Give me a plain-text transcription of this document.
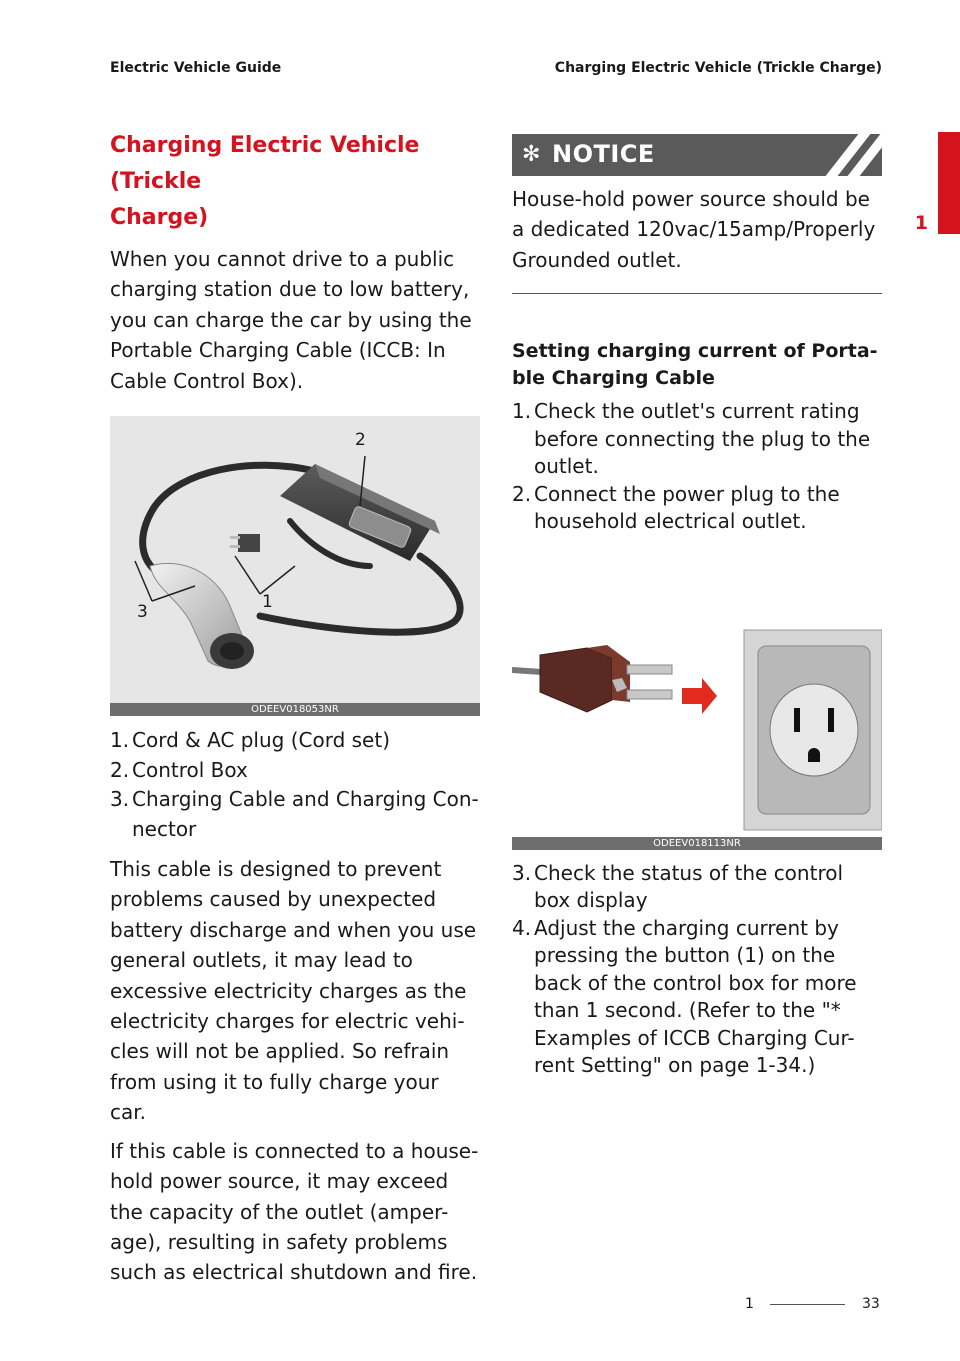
Electric Vehicle Guide	Charging Electric Vehicle (Trickle Charge)
1
Charging Electric Vehicle (Trickle
Charge)

When you cannot drive to a public charging station due to low battery, you can charge the car by using the Portable Charging Cable (ICCB: In Cable Control Box).

2
1
3
ODEEV018053NR
1. Cord & AC plug (Cord set)
2. Control Box
3. Charging Cable and Charging Con- nector

This cable is designed to prevent problems caused by unexpected battery discharge and when you use general outlets, it may lead to excessive electricity charges as the electricity charges for electric vehi- cles will not be applied. So refrain from using it to fully charge your car.

If this cable is connected to a house- hold power source, it may exceed the capacity of the outlet (amper- age), resulting in safety problems such as electrical shutdown and fire.

✻ NOTICE

House-hold power source should be a dedicated 120vac/15amp/Properly Grounded outlet.

Setting charging current of Porta- ble Charging Cable
1. Check the outlet's current rating before connecting the plug to the outlet.
2. Connect the power plug to the household electrical outlet.
ODEEV018113NR
3. Check the status of the control box display
4. Adjust the charging current by pressing the button (1) on the back of the control box for more than 1 second. (Refer to the "* Examples of ICCB Charging Cur- rent Setting" on page 1-34.)
1	33
